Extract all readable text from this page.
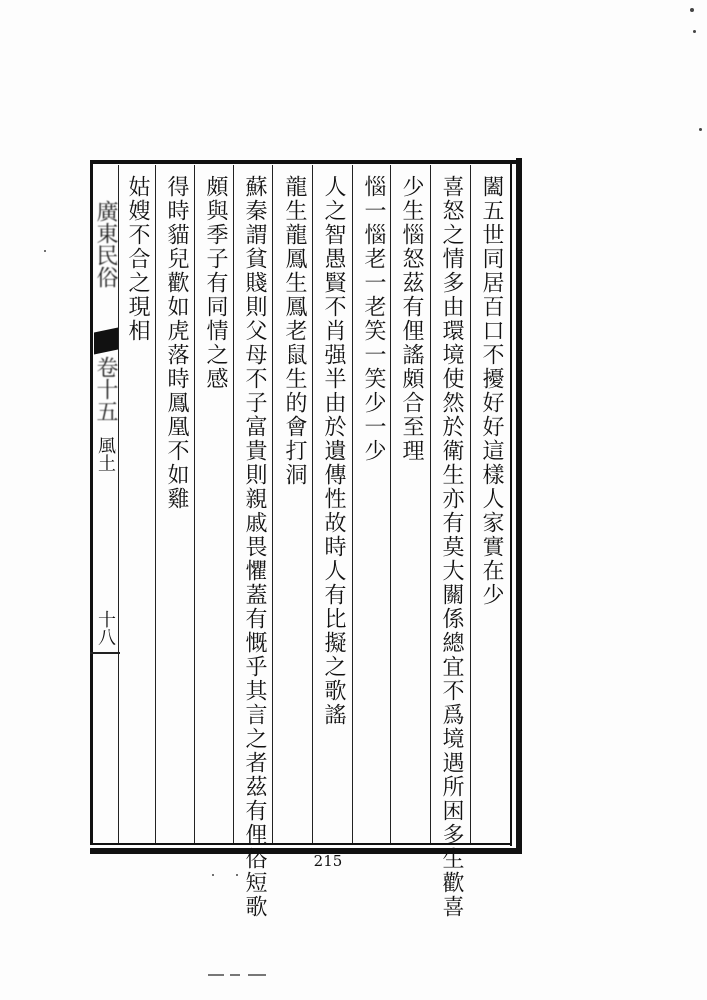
闔五世同居百口不擾好好這樣人家實在少
喜怒之情多由環境使然於衛生亦有莫大關係總宜不爲境遇所困多生歡喜
少生惱怒茲有俚謠頗合至理
惱一惱老一老笑一笑少一少
人之智愚賢不肖强半由於遺傳性故時人有比擬之歌謠
龍生龍鳳生鳳老鼠生的會打洞
蘇秦謂貧賤則父母不子富貴則親戚畏懼蓋有慨乎其言之者茲有俚俗短歌
頗與季子有同情之感
得時貓兒歡如虎落時鳳凰不如雞
姑嫂不合之現相
廣東民俗
卷十五
風土
十八
215
